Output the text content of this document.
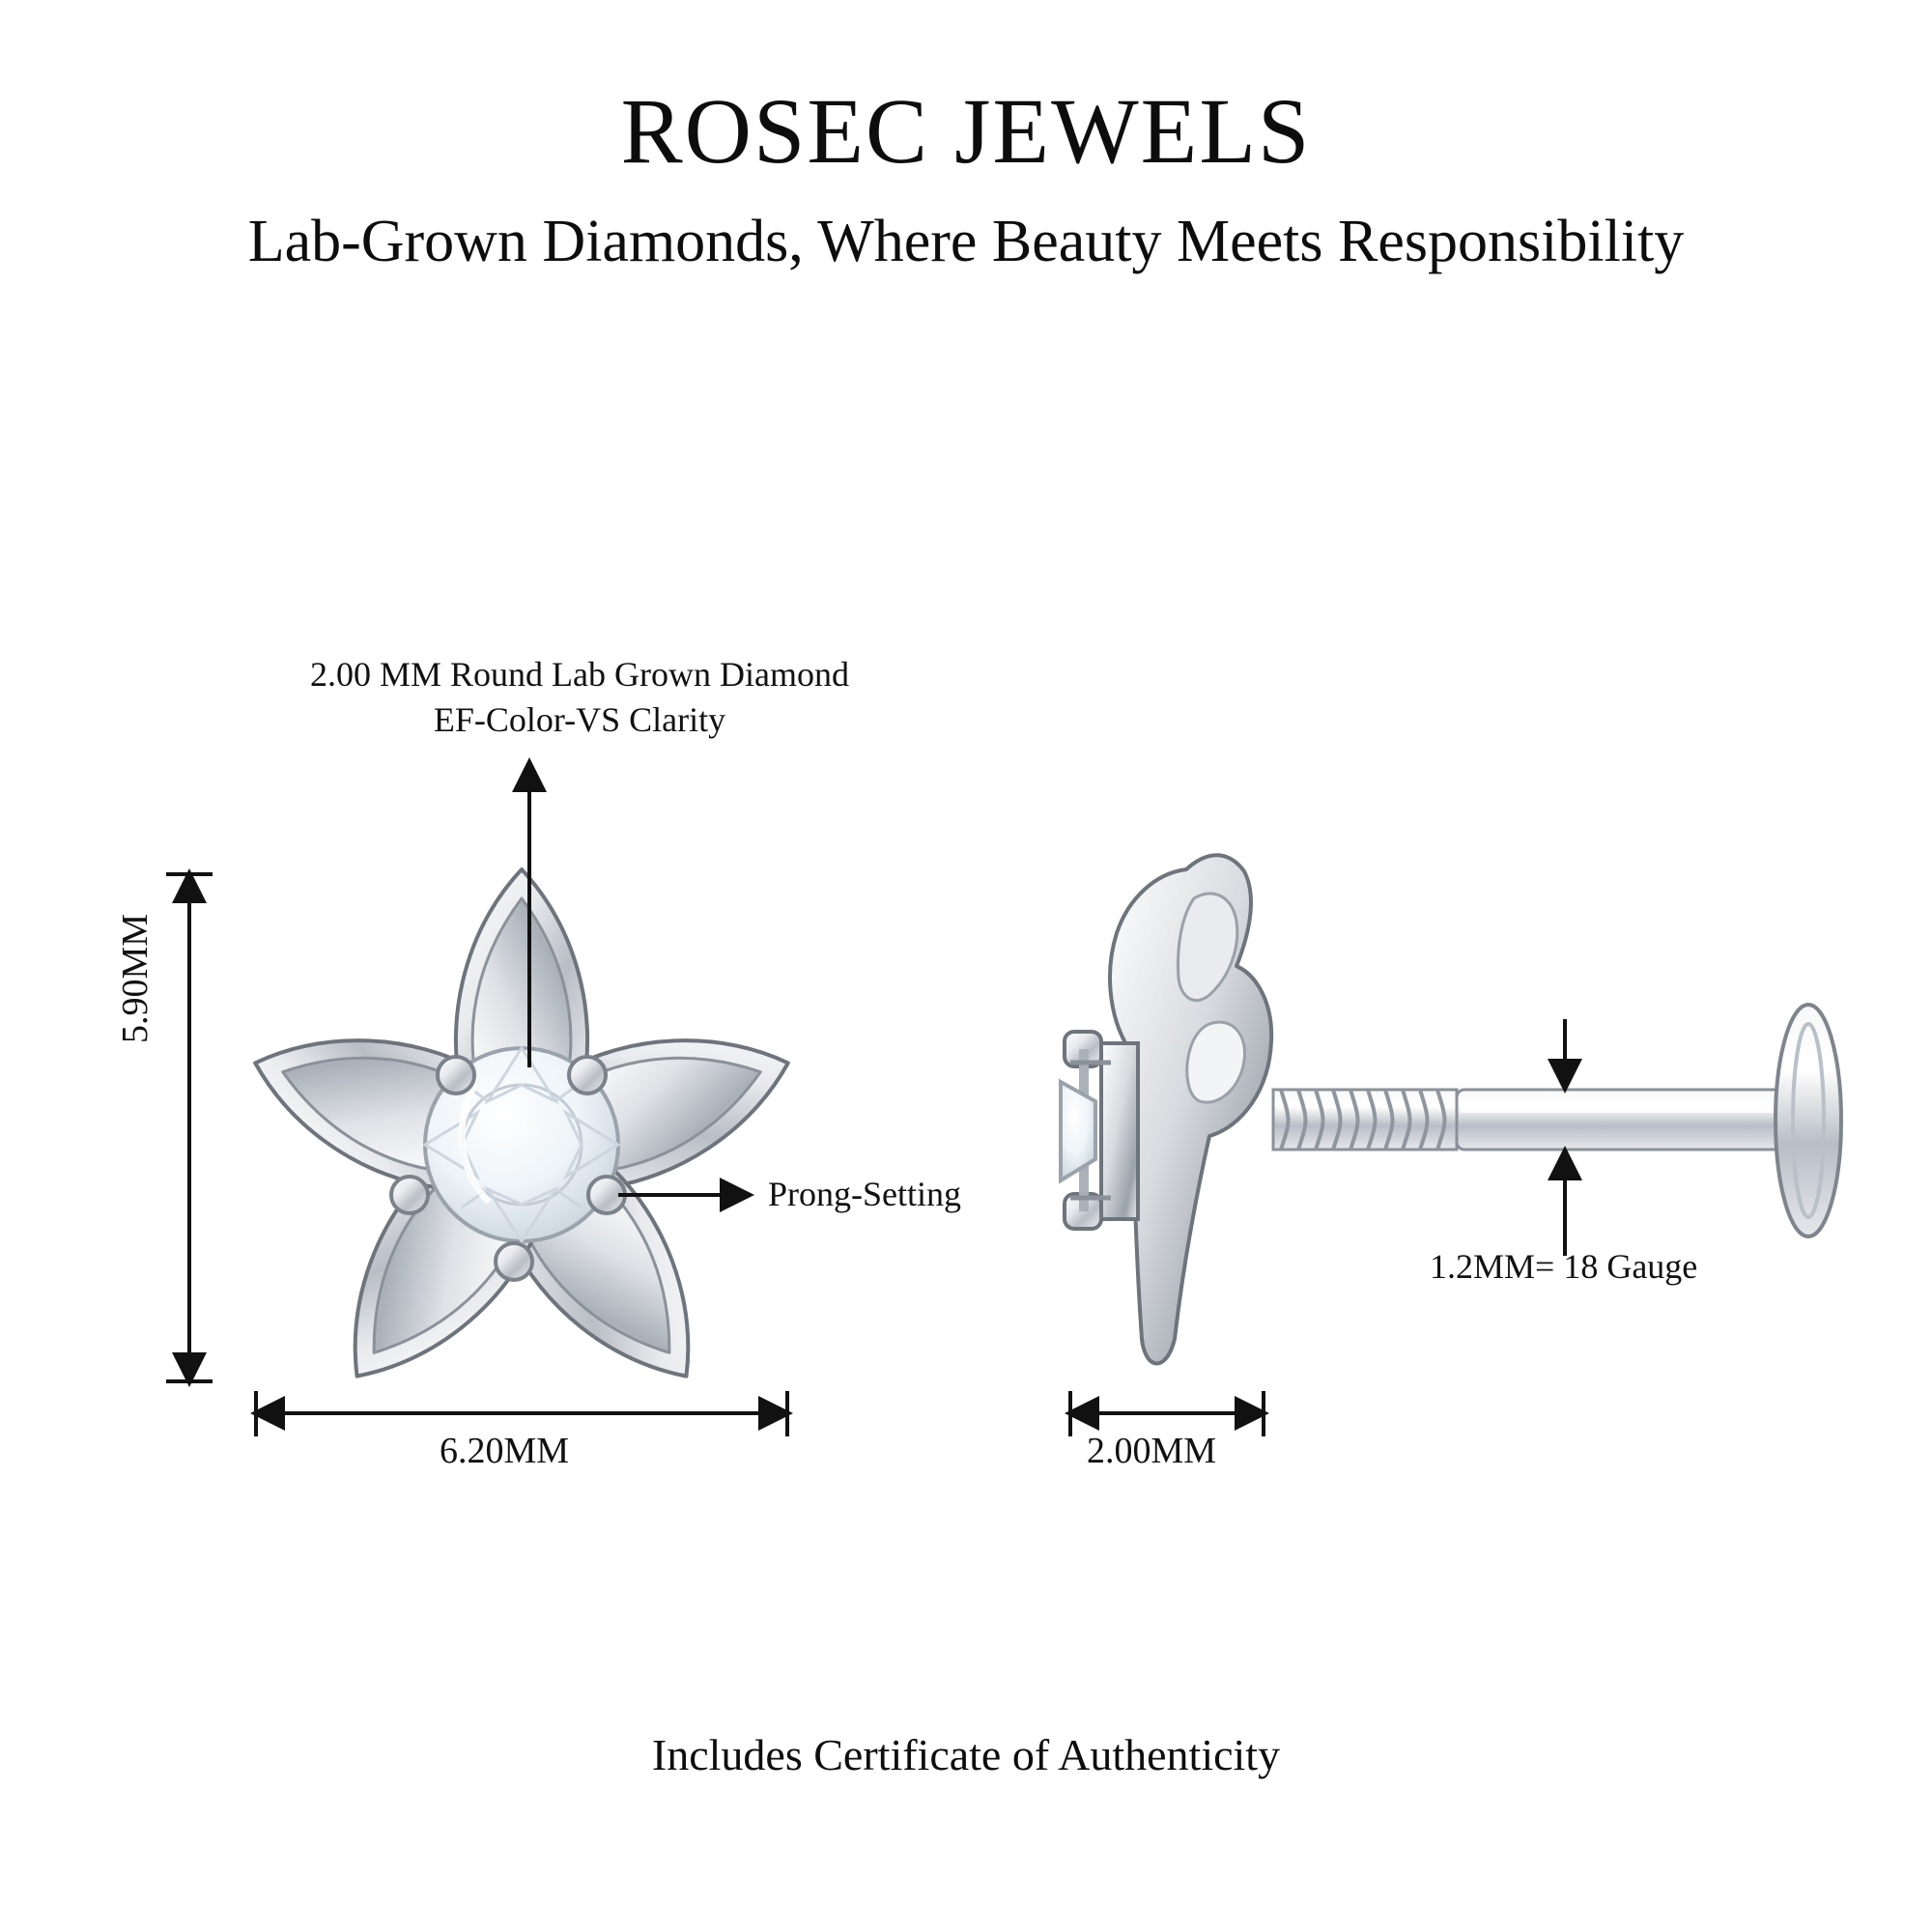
ROSEC JEWELS
Lab-Grown Diamonds, Where Beauty Meets Responsibility
2.00 MM Round Lab Grown Diamond
EF-Color-VS Clarity
Prong-Setting
1.2MM= 18 Gauge
5.90MM
6.20MM	2.00MM
Includes Certificate of Authenticity
